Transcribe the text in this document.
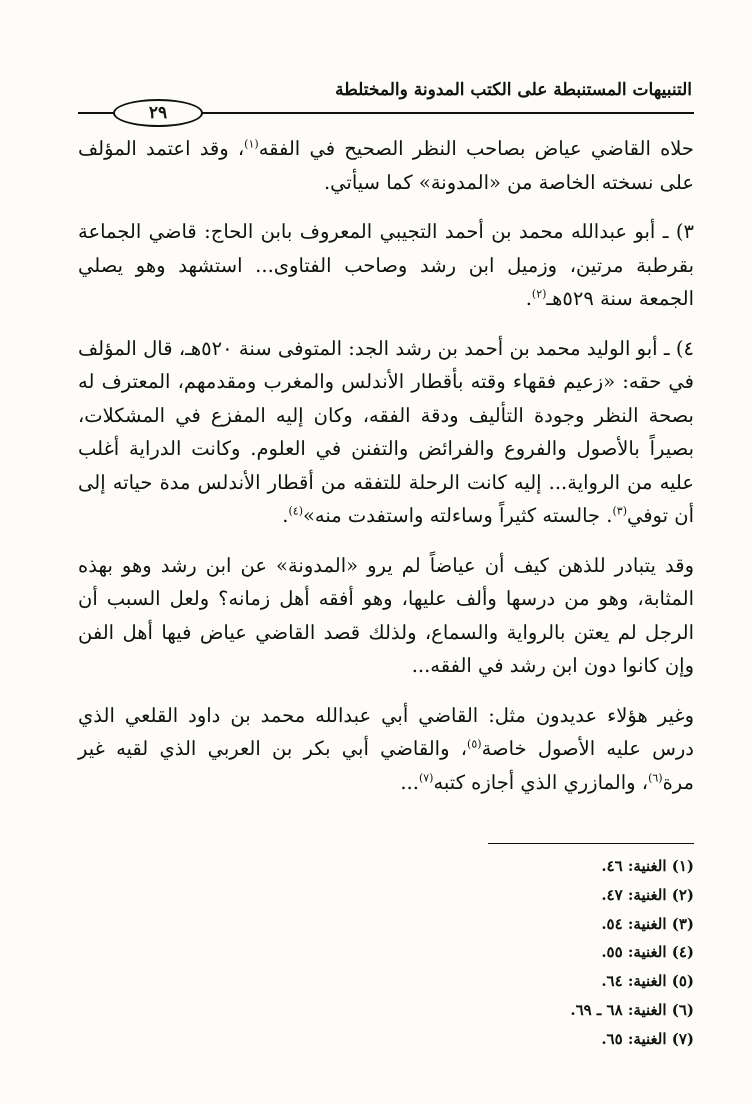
التنبيهات المستنبطة على الكتب المدونة والمختلطة
٢٩

حلاه القاضي عياض بصاحب النظر الصحيح في الفقه$^{(١)}$، وقد اعتمد المؤلف على نسخته الخاصة من «المدونة» كما سيأتي.

٣) ـ أبو عبدالله محمد بن أحمد التجيبي المعروف بابن الحاج: قاضي الجماعة بقرطبة مرتين، وزميل ابن رشد وصاحب الفتاوى... استشهد وهو يصلي الجمعة سنة ٥٢٩هـ$^{(٢)}$.

٤) ـ أبو الوليد محمد بن أحمد بن رشد الجد: المتوفى سنة ٥٢٠هـ، قال المؤلف في حقه: «زعيم فقهاء وقته بأقطار الأندلس والمغرب ومقدمهم، المعترف له بصحة النظر وجودة التأليف ودقة الفقه، وكان إليه المفزع في المشكلات، بصيراً بالأصول والفروع والفرائض والتفنن في العلوم. وكانت الدراية أغلب عليه من الرواية... إليه كانت الرحلة للتفقه من أقطار الأندلس مدة حياته إلى أن توفي$^{(٣)}$. جالسته كثيراً وساءلته واستفدت منه»$^{(٤)}$.

وقد يتبادر للذهن كيف أن عياضاً لم يرو «المدونة» عن ابن رشد وهو بهذه المثابة، وهو من درسها وألف عليها، وهو أفقه أهل زمانه؟ ولعل السبب أن الرجل لم يعتن بالرواية والسماع، ولذلك قصد القاضي عياض فيها أهل الفن وإن كانوا دون ابن رشد في الفقه...

وغير هؤلاء عديدون مثل: القاضي أبي عبدالله محمد بن داود القلعي الذي درس عليه الأصول خاصة$^{(٥)}$، والقاضي أبي بكر بن العربي الذي لقيه غير مرة$^{(٦)}$، والمازري الذي أجازه كتبه$^{(٧)}$...

(١) الغنية: ٤٦.
(٢) الغنية: ٤٧.
(٣) الغنية: ٥٤.
(٤) الغنية: ٥٥.
(٥) الغنية: ٦٤.
(٦) الغنية: ٦٨ ـ ٦٩.
(٧) الغنية: ٦٥.
